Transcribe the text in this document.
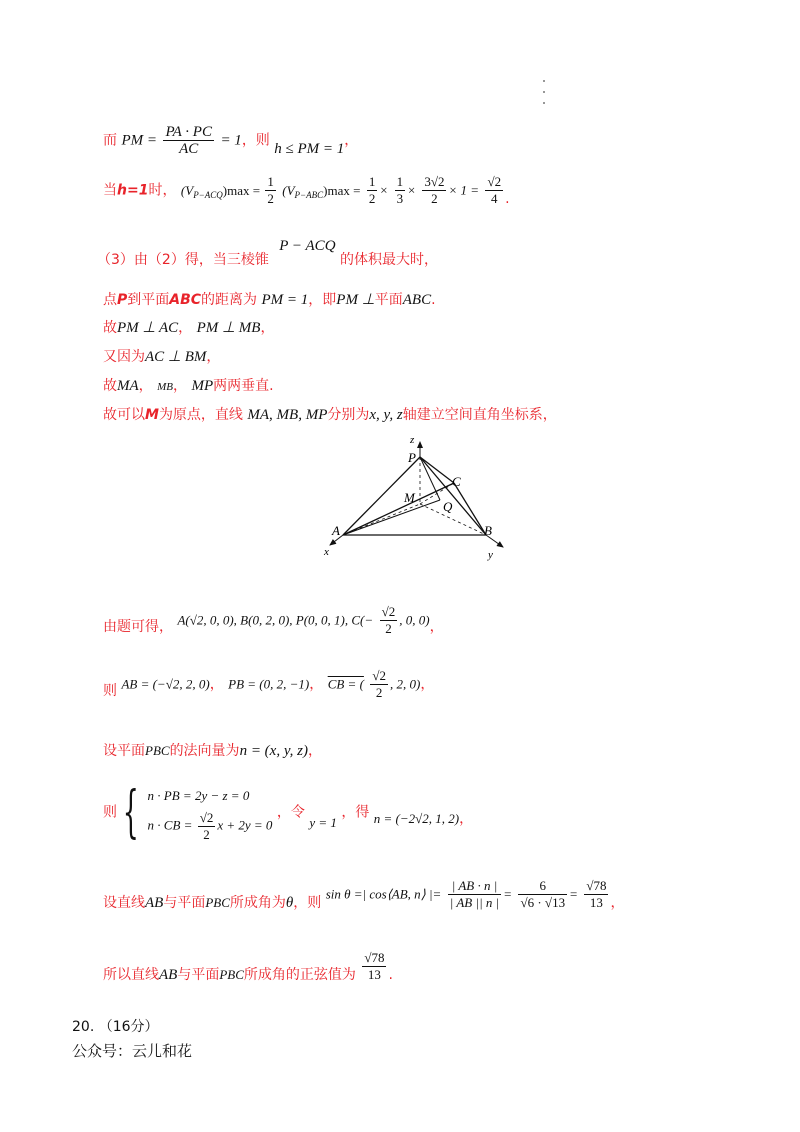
而 PM = $\frac{PA \cdot PC}{AC} = 1$，则 h ≤ PM = 1，
当h=1时， $(V_{P-ACQ})\max = \frac{1}{2} (V_{P-ABC})\max = \frac{1}{2} \times \frac{1}{3} \times \frac{3√2}{2} \times 1 = \frac{√2}{4}$ .
（3）由（2）得，当三棱锥 P − ACQ 的体积最大时，
点P到平面ABC的距离为 PM = 1，即PM ⊥平面ABC.
故PM ⊥ AC， PM ⊥ MB，
又因为AC ⊥ BM，
故MA， MB， MP两两垂直.
故可以M为原点，直线 MA, MB, MP分别为x, y, z轴建立空间直角坐标系，
z
P
C
M
Q
A	B
x	y
由题可得， A(√2, 0, 0), B(0, 2, 0), P(0, 0, 1), $C(- \frac{√2}{2}$ , 0, 0)，
则 AB = (−√2, 2, 0)， PB = (0, 2, −1)， CB = ( $\frac{√2}{2}$ , 2, 0)，
设平面PBC的法向量为n = (x, y, z)，
则 { n · PB = 2y − z = 0
n · CB = $\frac{√2}{2}$ x + 2y = 0
，令 y = 1 ，得 n = (−2√2, 1, 2)，
设直线AB与平面PBC所成角为θ，则 sin θ =| cos⟨AB, n⟩ |= $\frac{| AB \cdot n |}{| AB || n |} = \frac{6}{√6 \cdot √13} = \frac{√78}{13}$ ，
所以直线AB与平面PBC所成角的正弦值为 $\frac{√78}{13}$ .
20. （16分）
公众号：云儿和花
